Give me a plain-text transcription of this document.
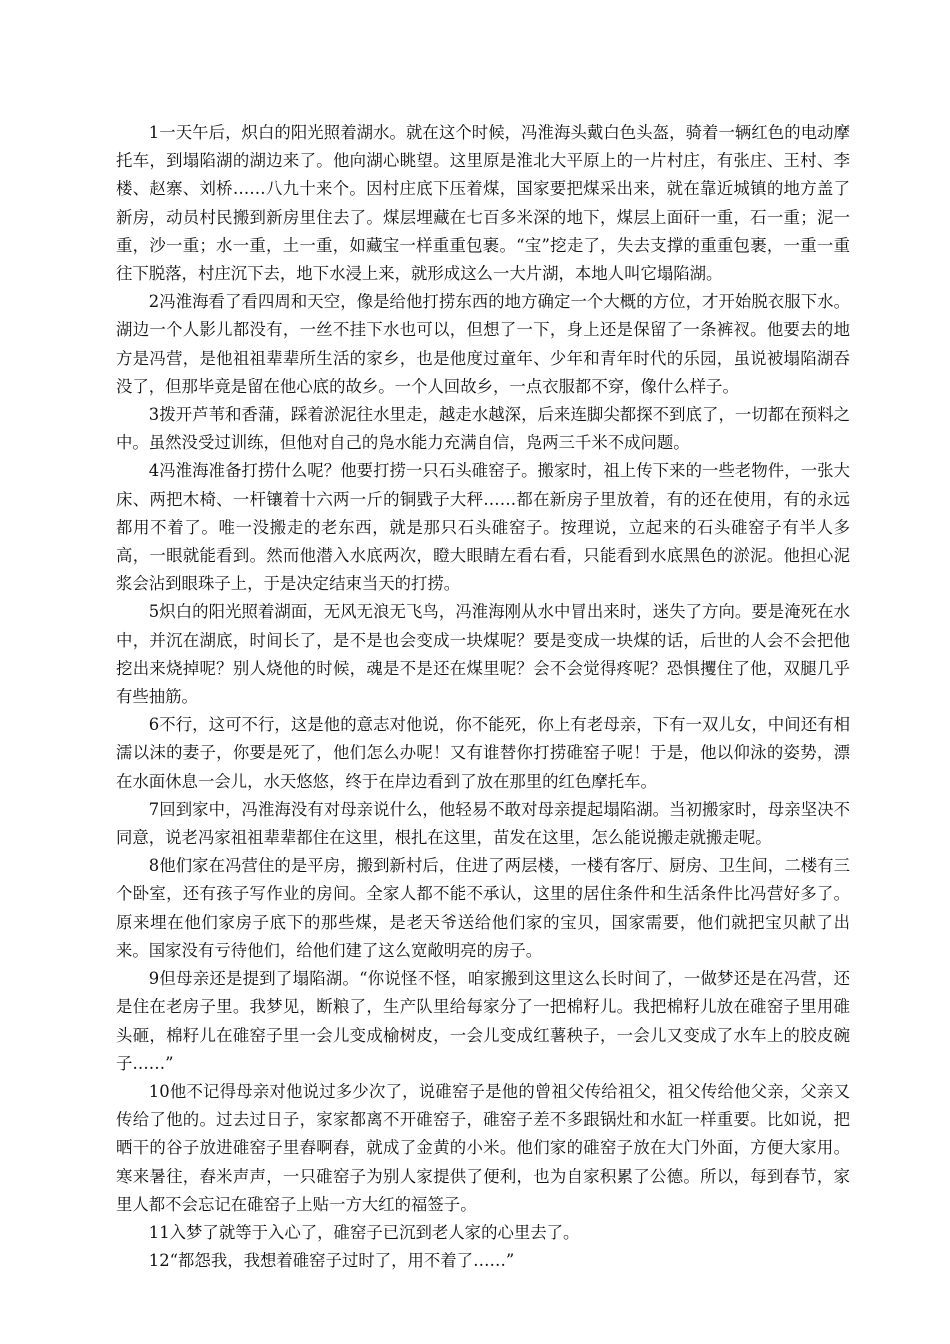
1一天午后，炽白的阳光照着湖水。就在这个时候，冯淮海头戴白色头盔，骑着一辆红色的电动摩托车，到塌陷湖的湖边来了。他向湖心眺望。这里原是淮北大平原上的一片村庄，有张庄、王村、李楼、赵寨、刘桥……八九十来个。因村庄底下压着煤，国家要把煤采出来，就在靠近城镇的地方盖了新房，动员村民搬到新房里住去了。煤层埋藏在七百多米深的地下，煤层上面矸一重，石一重；泥一重，沙一重；水一重，土一重，如藏宝一样重重包裹。“宝”挖走了，失去支撑的重重包裹，一重一重往下脱落，村庄沉下去，地下水浸上来，就形成这么一大片湖，本地人叫它塌陷湖。

2冯淮海看了看四周和天空，像是给他打捞东西的地方确定一个大概的方位，才开始脱衣服下水。湖边一个人影儿都没有，一丝不挂下水也可以，但想了一下，身上还是保留了一条裤衩。他要去的地方是冯营，是他祖祖辈辈所生活的家乡，也是他度过童年、少年和青年时代的乐园，虽说被塌陷湖吞没了，但那毕竟是留在他心底的故乡。一个人回故乡，一点衣服都不穿，像什么样子。

3拨开芦苇和香蒲，踩着淤泥往水里走，越走水越深，后来连脚尖都探不到底了，一切都在预料之中。虽然没受过训练，但他对自己的凫水能力充满自信，凫两三千米不成问题。

4冯淮海准备打捞什么呢？他要打捞一只石头碓窑子。搬家时，祖上传下来的一些老物件，一张大床、两把木椅、一杆镶着十六两一斤的铜戥子大秤……都在新房子里放着，有的还在使用，有的永远都用不着了。唯一没搬走的老东西，就是那只石头碓窑子。按理说，立起来的石头碓窑子有半人多高，一眼就能看到。然而他潜入水底两次，瞪大眼睛左看右看，只能看到水底黑色的淤泥。他担心泥浆会沾到眼珠子上，于是决定结束当天的打捞。

5炽白的阳光照着湖面，无风无浪无飞鸟，冯淮海刚从水中冒出来时，迷失了方向。要是淹死在水中，并沉在湖底，时间长了，是不是也会变成一块煤呢？要是变成一块煤的话，后世的人会不会把他挖出来烧掉呢？别人烧他的时候，魂是不是还在煤里呢？会不会觉得疼呢？恐惧攫住了他，双腿几乎有些抽筋。

6不行，这可不行，这是他的意志对他说，你不能死，你上有老母亲，下有一双儿女，中间还有相濡以沫的妻子，你要是死了，他们怎么办呢！又有谁替你打捞碓窑子呢！于是，他以仰泳的姿势，漂在水面休息一会儿，水天悠悠，终于在岸边看到了放在那里的红色摩托车。

7回到家中，冯淮海没有对母亲说什么，他轻易不敢对母亲提起塌陷湖。当初搬家时，母亲坚决不同意，说老冯家祖祖辈辈都住在这里，根扎在这里，苗发在这里，怎么能说搬走就搬走呢。

8他们家在冯营住的是平房，搬到新村后，住进了两层楼，一楼有客厅、厨房、卫生间，二楼有三个卧室，还有孩子写作业的房间。全家人都不能不承认，这里的居住条件和生活条件比冯营好多了。原来埋在他们家房子底下的那些煤，是老天爷送给他们家的宝贝，国家需要，他们就把宝贝献了出来。国家没有亏待他们，给他们建了这么宽敞明亮的房子。

9但母亲还是提到了塌陷湖。“你说怪不怪，咱家搬到这里这么长时间了，一做梦还是在冯营，还是住在老房子里。我梦见，断粮了，生产队里给每家分了一把棉籽儿。我把棉籽儿放在碓窑子里用碓头砸，棉籽儿在碓窑子里一会儿变成榆树皮，一会儿变成红薯秧子，一会儿又变成了水车上的胶皮碗子……”

10他不记得母亲对他说过多少次了，说碓窑子是他的曾祖父传给祖父，祖父传给他父亲，父亲又传给了他的。过去过日子，家家都离不开碓窑子，碓窑子差不多跟锅灶和水缸一样重要。比如说，把晒干的谷子放进碓窑子里舂啊舂，就成了金黄的小米。他们家的碓窑子放在大门外面，方便大家用。寒来暑往，舂米声声，一只碓窑子为别人家提供了便利，也为自家积累了公德。所以，每到春节，家里人都不会忘记在碓窑子上贴一方大红的福签子。

11入梦了就等于入心了，碓窑子已沉到老人家的心里去了。

12“都怨我，我想着碓窑子过时了，用不着了……”
